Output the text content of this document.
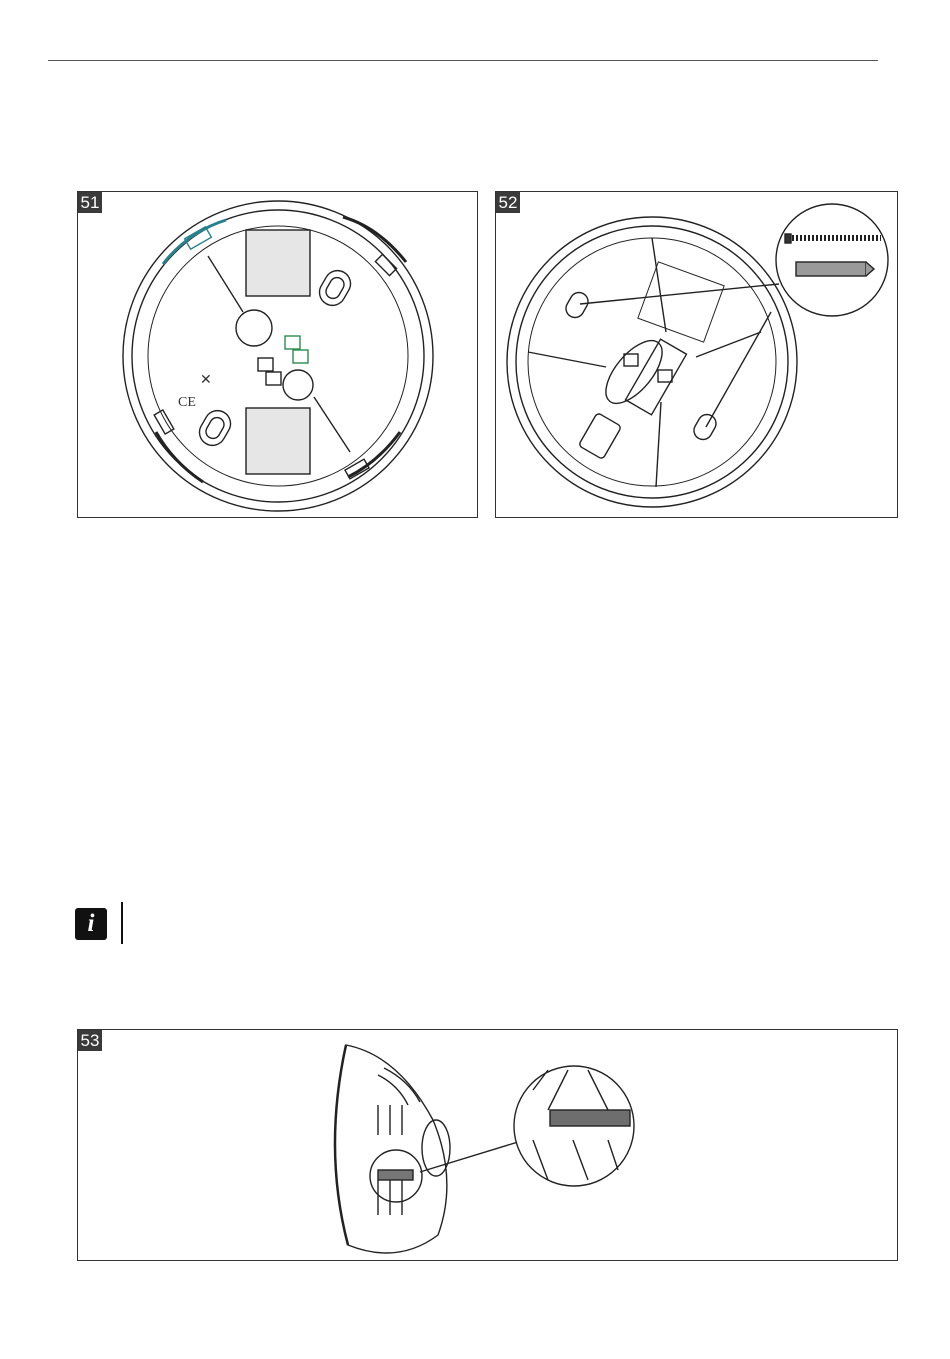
51
CE
✕
52
i
53
